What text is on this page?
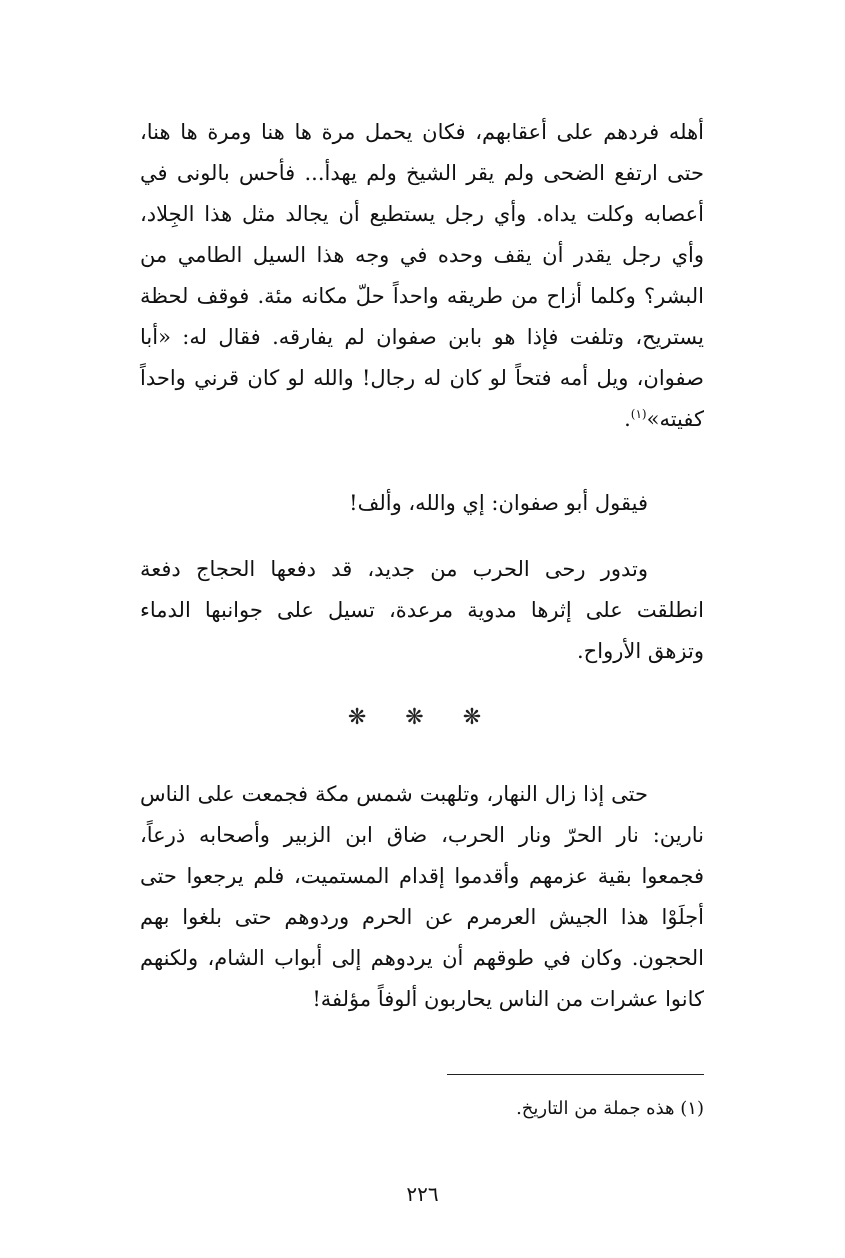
أهله فردهم على أعقابهم، فكان يحمل مرة ها هنا ومرة ها هنا، حتى ارتفع الضحى ولم يقر الشيخ ولم يهدأ... فأحس بالونى في أعصابه وكلت يداه. وأي رجل يستطيع أن يجالد مثل هذا الجِلاد، وأي رجل يقدر أن يقف وحده في وجه هذا السيل الطامي من البشر؟ وكلما أزاح من طريقه واحداً حلّ مكانه مئة. فوقف لحظة يستريح، وتلفت فإذا هو بابن صفوان لم يفارقه. فقال له: «أبا صفوان، ويل أمه فتحاً لو كان له رجال! والله لو كان قرني واحداً كفيته»$^{(١)}$.

فيقول أبو صفوان: إي والله، وألف!

وتدور رحى الحرب من جديد، قد دفعها الحجاج دفعة انطلقت على إثرها مدوية مرعدة، تسيل على جوانبها الدماء وتزهق الأرواح.

❋ ❋ ❋

حتى إذا زال النهار، وتلهبت شمس مكة فجمعت على الناس نارين: نار الحرّ ونار الحرب، ضاق ابن الزبير وأصحابه ذرعاً، فجمعوا بقية عزمهم وأقدموا إقدام المستميت، فلم يرجعوا حتى أجلَوْا هذا الجيش العرمرم عن الحرم وردوهم حتى بلغوا بهم الحجون. وكان في طوقهم أن يردوهم إلى أبواب الشام، ولكنهم كانوا عشرات من الناس يحاربون ألوفاً مؤلفة!

(١) هذه جملة من التاريخ.

٢٢٦
